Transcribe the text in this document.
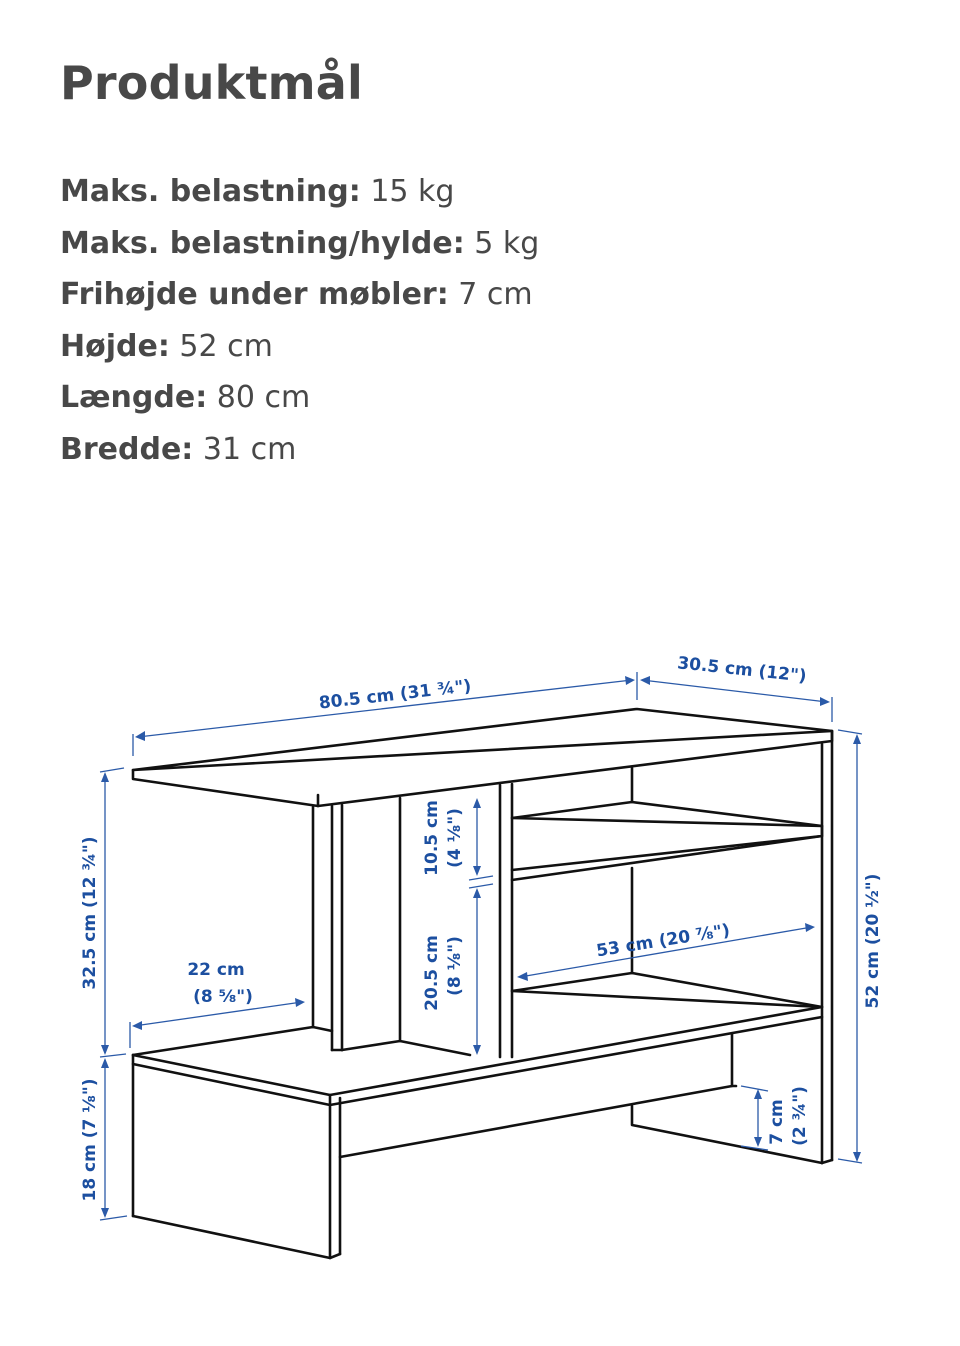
Produktmål
Maks. belastning: 15 kg
Maks. belastning/hylde: 5 kg
Frihøjde under møbler: 7 cm
Højde: 52 cm
Længde: 80 cm
Bredde: 31 cm
80.5 cm (31 ¾")
30.5 cm (12")
32.5 cm (12 ¾")
18 cm (7 ⅛")
22 cm
(8 ⅝")
10.5 cm (4 ⅛")
20.5 cm (8 ⅛")	53 cm (20 ⅞")
7 cm (2 ¾")
52 cm (20 ½")
